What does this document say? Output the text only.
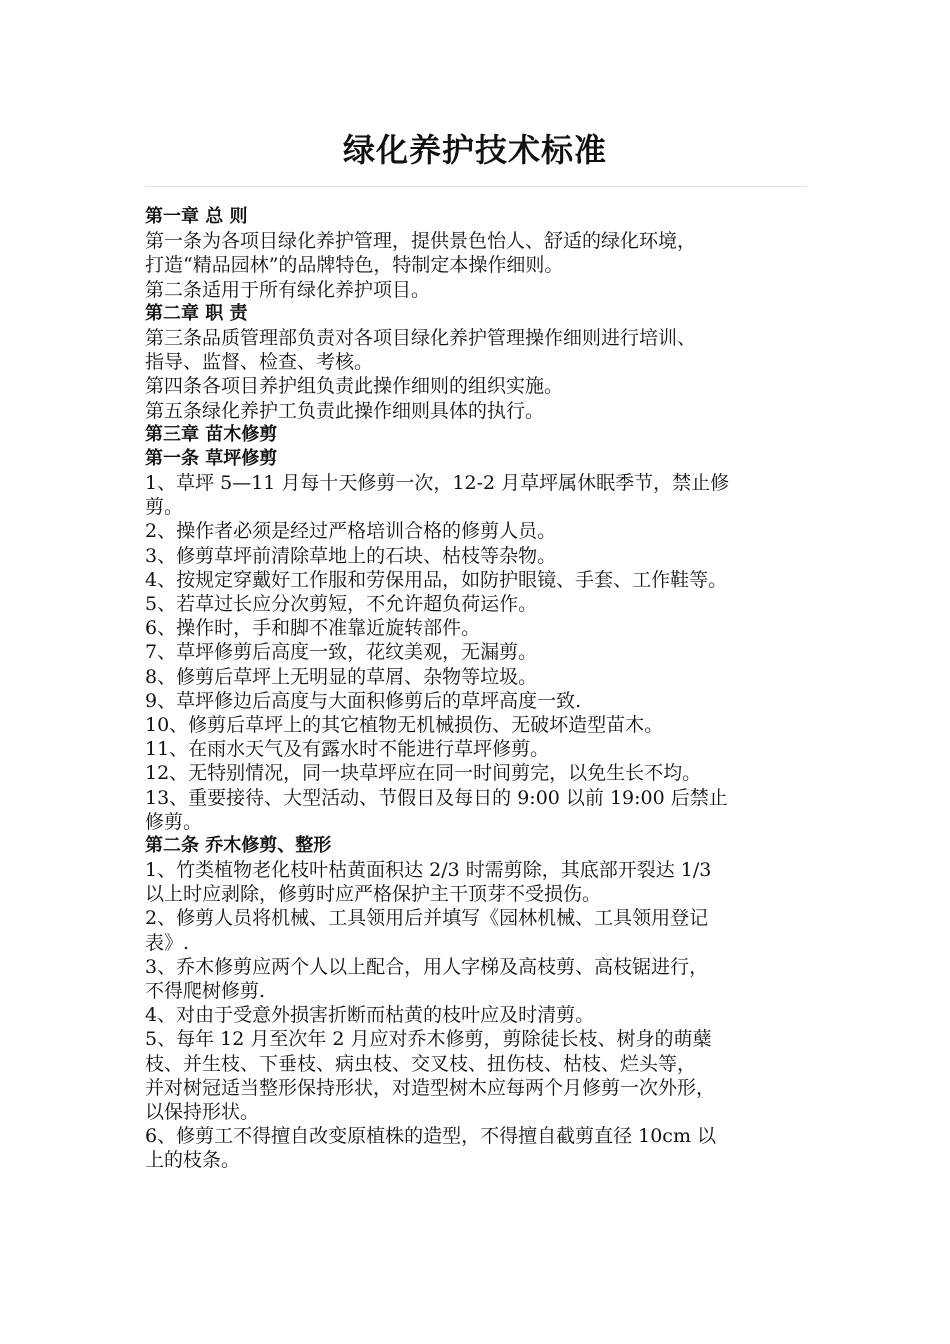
绿化养护技术标准

第一章 总 则

第一条为各项目绿化养护管理，提供景色怡人、舒适的绿化环境，

打造“精品园林”的品牌特色，特制定本操作细则。

第二条适用于所有绿化养护项目。

第二章 职 责

第三条品质管理部负责对各项目绿化养护管理操作细则进行培训、

指导、监督、检查、考核。

第四条各项目养护组负责此操作细则的组织实施。

第五条绿化养护工负责此操作细则具体的执行。

第三章 苗木修剪

第一条 草坪修剪

1、草坪 5—11 月每十天修剪一次，12-2 月草坪属休眠季节，禁止修

剪。

2、操作者必须是经过严格培训合格的修剪人员。

3、修剪草坪前清除草地上的石块、枯枝等杂物。

4、按规定穿戴好工作服和劳保用品，如防护眼镜、手套、工作鞋等。

5、若草过长应分次剪短，不允许超负荷运作。

6、操作时，手和脚不准靠近旋转部件。

7、草坪修剪后高度一致，花纹美观，无漏剪。

8、修剪后草坪上无明显的草屑、杂物等垃圾。

9、草坪修边后高度与大面积修剪后的草坪高度一致.

10、修剪后草坪上的其它植物无机械损伤、无破坏造型苗木。

11、在雨水天气及有露水时不能进行草坪修剪。

12、无特别情况，同一块草坪应在同一时间剪完，以免生长不均。

13、重要接待、大型活动、节假日及每日的 9:00 以前 19:00 后禁止

修剪。

第二条 乔木修剪、整形

1、竹类植物老化枝叶枯黄面积达 2/3 时需剪除，其底部开裂达 1/3

以上时应剥除，修剪时应严格保护主干顶芽不受损伤。

2、修剪人员将机械、工具领用后并填写《园林机械、工具领用登记

表》.

3、乔木修剪应两个人以上配合，用人字梯及高枝剪、高枝锯进行，

不得爬树修剪.

4、对由于受意外损害折断而枯黄的枝叶应及时清剪。

5、每年 12 月至次年 2 月应对乔木修剪，剪除徒长枝、树身的萌蘖

枝、并生枝、下垂枝、病虫枝、交叉枝、扭伤枝、枯枝、烂头等，

并对树冠适当整形保持形状，对造型树木应每两个月修剪一次外形，

以保持形状。

6、修剪工不得擅自改变原植株的造型，不得擅自截剪直径 10cm 以

上的枝条。
